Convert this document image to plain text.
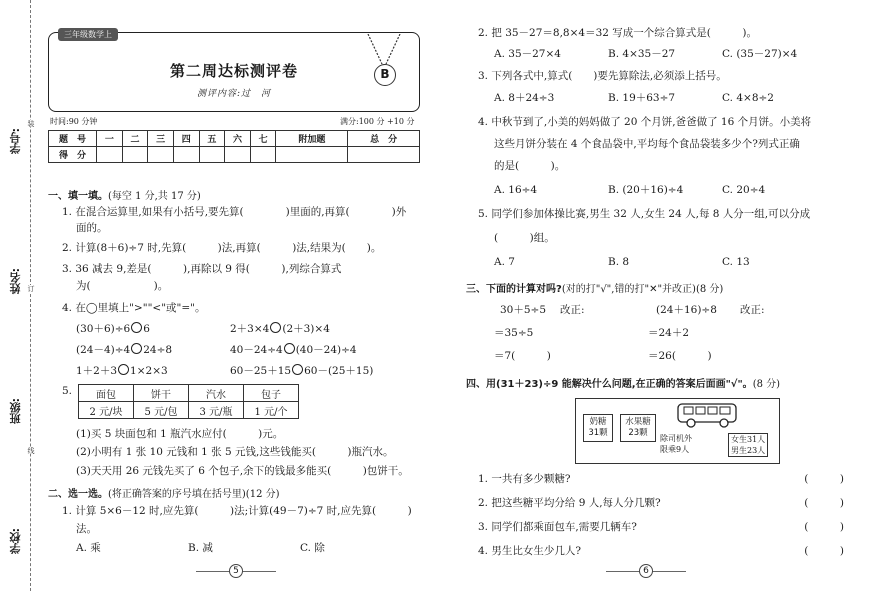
学校:
班级:
姓名:
学号:
装
订
线
三年级数学上
B
第二周达标测评卷
测评内容:过　河
时间:90 分钟	满分:100 分 +10 分
题　号	一	二	三	四	五	六	七	附加题	总　分
得　分									
一、填一填。(每空 1 分,共 17 分)
1. 在混合运算里,如果有小括号,要先算(　　　　)里面的,再算(　　　　)外
面的。
2. 计算(8＋6)÷7 时,先算(　　　)法,再算(　　　)法,结果为(　　)。
3. 36 减去 9,差是(　　　),再除以 9 得(　　　),列综合算式
为(　　　　　　)。
4. 在◯里填上">""<"或"="。
(30＋6)÷6 6	2＋3×4 (2＋3)×4
(24－4)÷4 24÷8	40－24÷4 (40－24)÷4
1＋2＋3 1×2×3	60－25＋15 60－(25＋15)
5. 面包	饼干	汽水	包子
2 元/块	5 元/包	3 元/瓶	1 元/个
(1)买 5 块面包和 1 瓶汽水应付(　　　)元。
(2)小明有 1 张 10 元钱和 1 张 5 元钱,这些钱能买(　　　)瓶汽水。
(3)天天用 26 元钱先买了 6 个包子,余下的钱最多能买(　　　)包饼干。
二、选一选。(将正确答案的序号填在括号里)(12 分)
1. 计算 5×6－12 时,应先算(　　　)法;计算(49－7)÷7 时,应先算(　　　)
法。
A. 乘	B. 减	C. 除
5
2. 把 35－27＝8,8×4＝32 写成一个综合算式是(　　　)。
A. 35－27×4	B. 4×35－27	C. (35－27)×4
3. 下列各式中,算式(　　)要先算除法,必须添上括号。
A. 8＋24÷3	B. 19＋63÷7	C. 4×8÷2
4. 中秋节到了,小美的妈妈做了 20 个月饼,爸爸做了 16 个月饼。小美将
这些月饼分装在 4 个食品袋中,平均每个食品袋装多少个?列式正确
的是(　　　)。
A. 16÷4	B. (20＋16)÷4	C. 20÷4
5. 同学们参加体操比赛,男生 32 人,女生 24 人,每 8 人分一组,可以分成
(　　　)组。
A. 7	B. 8	C. 13
三、下面的计算对吗?(对的打"√",错的打"✕"并改正)(8 分)
30＋5÷5 改正:
＝35÷5
＝7(　　　)
(24＋16)÷8 改正:
＝24＋2
＝26(　　　)
四、用(31＋23)÷9 能解决什么问题,在正确的答案后面画"√"。(8 分)
奶糖
31颗
水果糖
23颗
除司机外
限乘9人
女生31人
男生23人
1. 一共有多少颗糖?	(　　　)
2. 把这些糖平均分给 9 人,每人分几颗?	(　　　)
3. 同学们都乘面包车,需要几辆车?	(　　　)
4. 男生比女生少几人?	(　　　)
6
